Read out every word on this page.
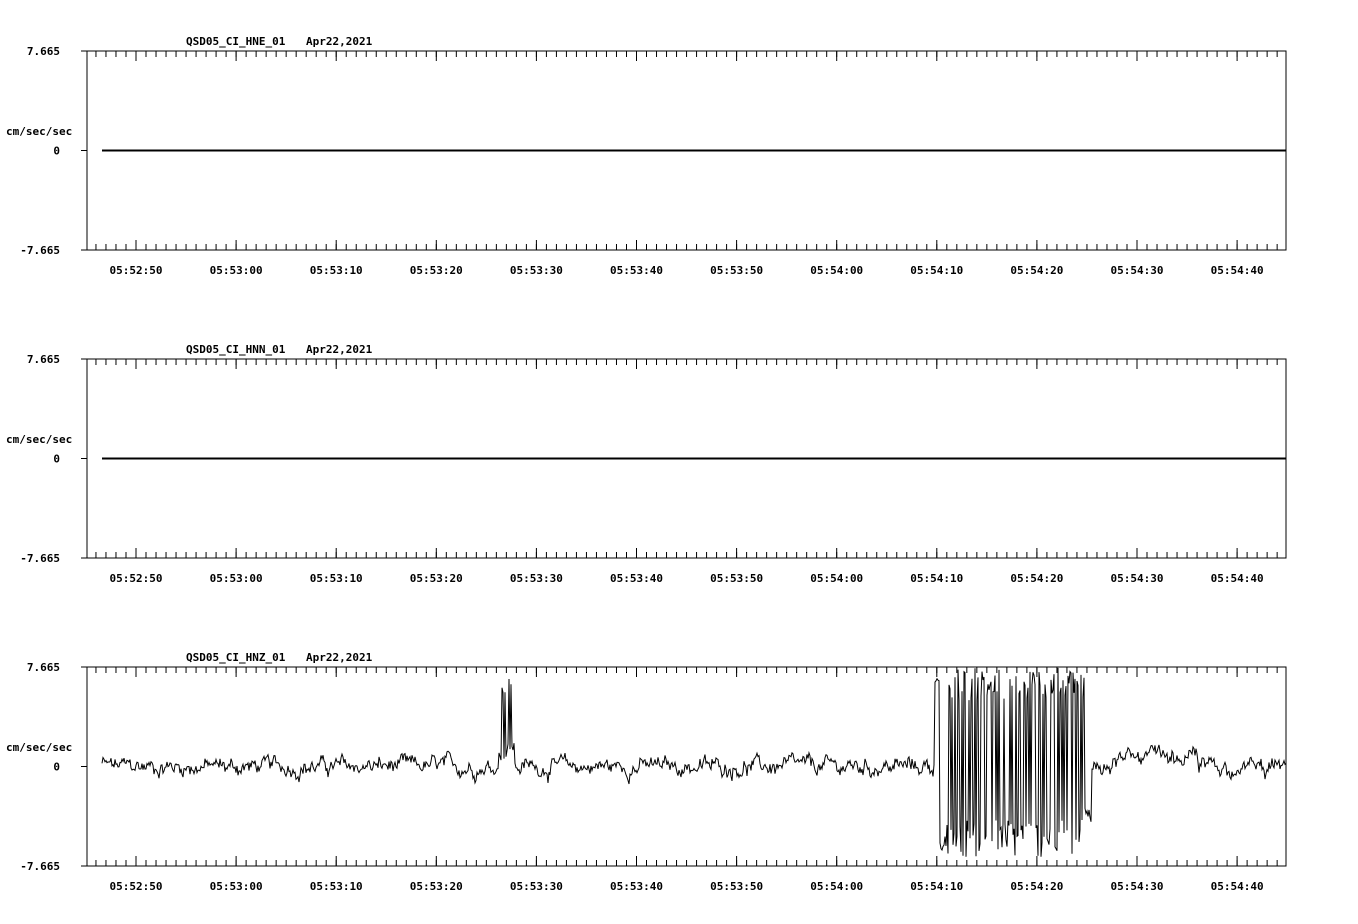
7.665
0
-7.665
cm/sec/sec
QSD05_CI_HNE_01 Apr22,2021
05:52:50	05:53:00	05:53:10	05:53:20	05:53:30	05:53:40	05:53:50	05:54:00	05:54:10	05:54:20	05:54:30	05:54:40
7.665
0
-7.665
cm/sec/sec
QSD05_CI_HNN_01 Apr22,2021
05:52:50	05:53:00	05:53:10	05:53:20	05:53:30	05:53:40	05:53:50	05:54:00	05:54:10	05:54:20	05:54:30	05:54:40
7.665
0
-7.665
cm/sec/sec
QSD05_CI_HNZ_01 Apr22,2021
05:52:50	05:53:00	05:53:10	05:53:20	05:53:30	05:53:40	05:53:50	05:54:00	05:54:10	05:54:20	05:54:30	05:54:40
